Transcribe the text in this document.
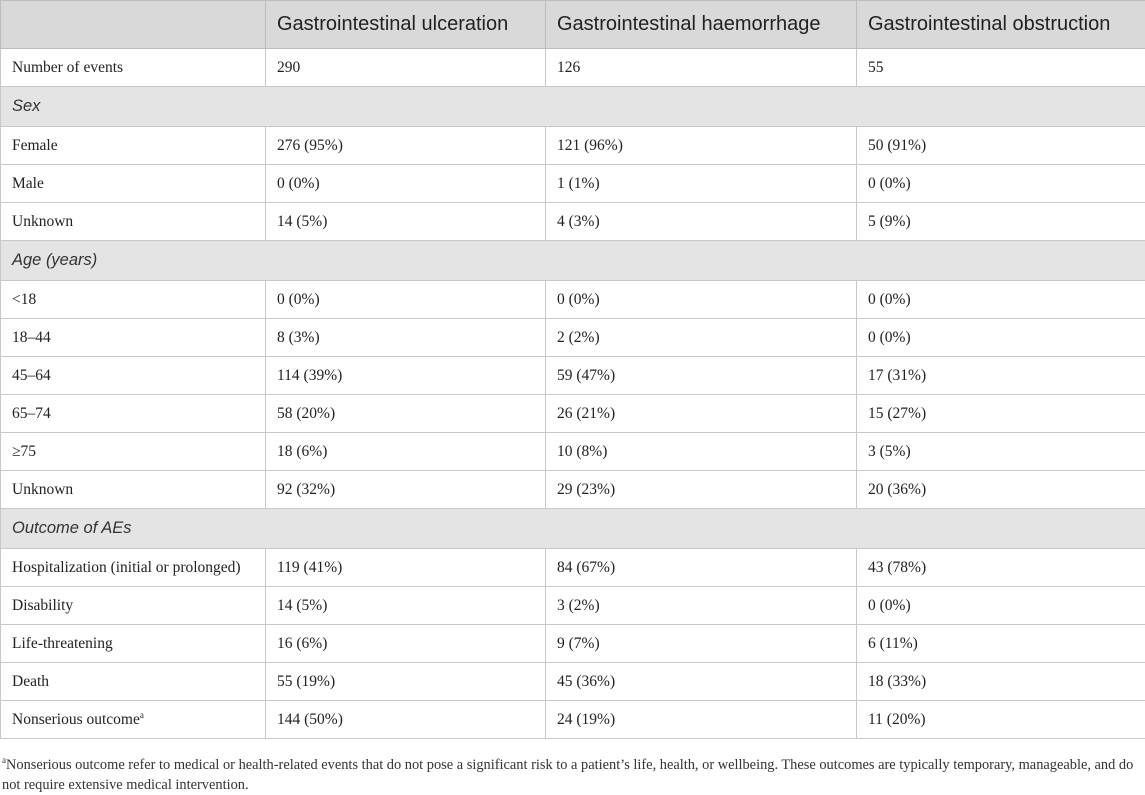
	Gastrointestinal ulceration	Gastrointestinal haemorrhage	Gastrointestinal obstruction
Number of events	290	126	55
Sex			
Female	276 (95%)	121 (96%)	50 (91%)
Male	0 (0%)	1 (1%)	0 (0%)
Unknown	14 (5%)	4 (3%)	5 (9%)
Age (years)			
<18	0 (0%)	0 (0%)	0 (0%)
18–44	8 (3%)	2 (2%)	0 (0%)
45–64	114 (39%)	59 (47%)	17 (31%)
65–74	58 (20%)	26 (21%)	15 (27%)
≥75	18 (6%)	10 (8%)	3 (5%)
Unknown	92 (32%)	29 (23%)	20 (36%)
Outcome of AEs			
Hospitalization (initial or prolonged)	119 (41%)	84 (67%)	43 (78%)
Disability	14 (5%)	3 (2%)	0 (0%)
Life-threatening	16 (6%)	9 (7%)	6 (11%)
Death	55 (19%)	45 (36%)	18 (33%)
Nonserious outcome$^a$	144 (50%)	24 (19%)	11 (20%)
$^a$Nonserious outcome refer to medical or health-related events that do not pose a significant risk to a patient’s life, health, or wellbeing. These outcomes are typically temporary, manageable, and do not require extensive medical intervention.
